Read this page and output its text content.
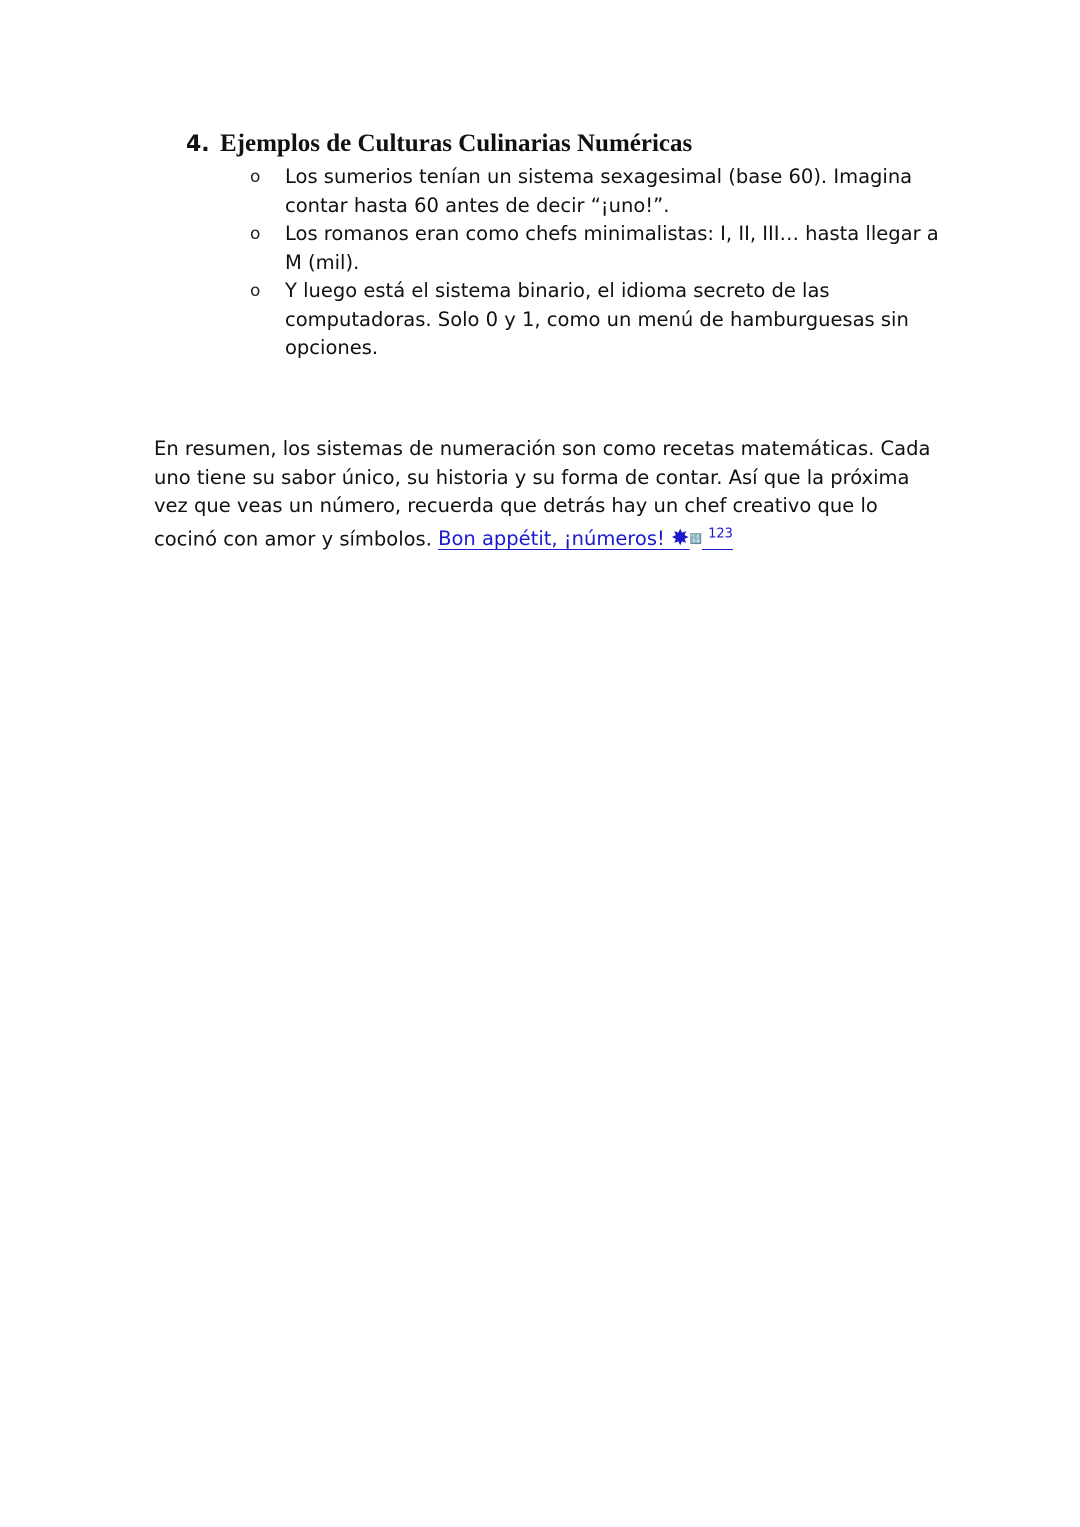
4. Ejemplos de Culturas Culinarias Numéricas
o Los sumerios tenían un sistema sexagesimal (base 60). Imagina contar hasta 60 antes de decir “¡uno!”.
o Los romanos eran como chefs minimalistas: I, II, III… hasta llegar a M (mil).
o Y luego está el sistema binario, el idioma secreto de las computadoras. Solo 0 y 1, como un menú de hamburguesas sin opciones.

En resumen, los sistemas de numeración son como recetas matemáticas. Cada uno tiene su sabor único, su historia y su forma de contar. Así que la próxima vez que veas un número, recuerda que detrás hay un chef creativo que lo cocinó con amor y símbolos. Bon appétit, ¡números! ✸🔢 $^{123}$
